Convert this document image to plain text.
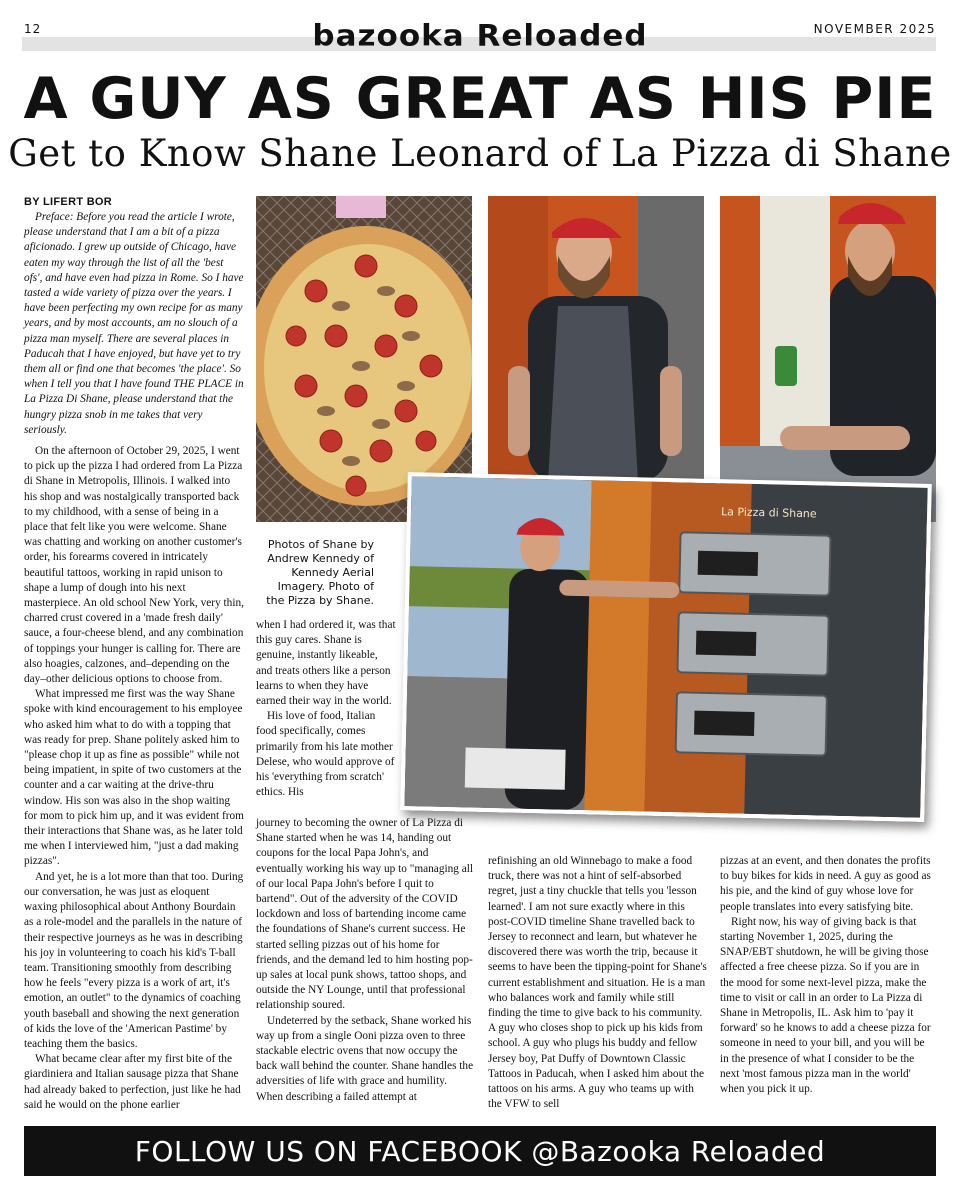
12	bazooka Reloaded	NOVEMBER 2025
A GUY AS GREAT AS HIS PIE
Get to Know Shane Leonard of La Pizza di Shane
BY LIFERT BOR
Preface: Before you read the article I wrote, please understand that I am a bit of a pizza aficionado. I grew up outside of Chicago, have eaten my way through the list of all the 'best ofs', and have even had pizza in Rome. So I have tasted a wide variety of pizza over the years. I have been perfecting my own recipe for as many years, and by most accounts, am no slouch of a pizza man myself. There are several places in Paducah that I have enjoyed, but have yet to try them all or find one that becomes 'the place'. So when I tell you that I have found THE PLACE in La Pizza Di Shane, please understand that the hungry pizza snob in me takes that very seriously.

On the afternoon of October 29, 2025, I went to pick up the pizza I had ordered from La Pizza di Shane in Metropolis, Illinois. I walked into his shop and was nostalgically transported back to my childhood, with a sense of being in a place that felt like you were welcome. Shane was chatting and working on another customer's order, his forearms covered in intricately beautiful tattoos, working in rapid unison to shape a lump of dough into his next masterpiece. An old school New York, very thin, charred crust covered in a 'made fresh daily' sauce, a four-cheese blend, and any combination of toppings your hunger is calling for. There are also hoagies, calzones, and–depending on the day–other delicious options to choose from.

What impressed me first was the way Shane spoke with kind encouragement to his employee who asked him what to do with a topping that was ready for prep. Shane politely asked him to "please chop it up as fine as possible" while not being impatient, in spite of two customers at the counter and a car waiting at the drive-thru window. His son was also in the shop waiting for mom to pick him up, and it was evident from their interactions that Shane was, as he later told me when I interviewed him, "just a dad making pizzas".

And yet, he is a lot more than that too. During our conversation, he was just as eloquent waxing philosophical about Anthony Bourdain as a role-model and the parallels in the nature of their respective journeys as he was in describing his joy in volunteering to coach his kid's T-ball team. Transitioning smoothly from describing how he feels "every pizza is a work of art, it's emotion, an outlet" to the dynamics of coaching youth baseball and showing the next generation of kids the love of the 'American Pastime' by teaching them the basics.

What became clear after my first bite of the giardiniera and Italian sausage pizza that Shane had already baked to perfection, just like he had said he would on the phone earlier

La Pizza di Shane
Photos of Shane by Andrew Kennedy of Kennedy Aerial Imagery. Photo of the Pizza by Shane.

when I had ordered it, was that this guy cares. Shane is genuine, instantly likeable, and treats others like a person learns to when they have earned their way in the world.

His love of food, Italian food specifically, comes primarily from his late mother Delese, who would approve of his 'everything from scratch' ethics. His

journey to becoming the owner of La Pizza di Shane started when he was 14, handing out coupons for the local Papa John's, and eventually working his way up to "managing all of our local Papa John's before I quit to bartend". Out of the adversity of the COVID lockdown and loss of bartending income came the foundations of Shane's current success. He started selling pizzas out of his home for friends, and the demand led to him hosting pop-up sales at local punk shows, tattoo shops, and outside the NY Lounge, until that professional relationship soured.

Undeterred by the setback, Shane worked his way up from a single Ooni pizza oven to three stackable electric ovens that now occupy the back wall behind the counter. Shane handles the adversities of life with grace and humility. When describing a failed attempt at

refinishing an old Winnebago to make a food truck, there was not a hint of self-absorbed regret, just a tiny chuckle that tells you 'lesson learned'. I am not sure exactly where in this post-COVID timeline Shane travelled back to Jersey to reconnect and learn, but whatever he discovered there was worth the trip, because it seems to have been the tipping-point for Shane's current establishment and situation. He is a man who balances work and family while still finding the time to give back to his community. A guy who closes shop to pick up his kids from school. A guy who plugs his buddy and fellow Jersey boy, Pat Duffy of Downtown Classic Tattoos in Paducah, when I asked him about the tattoos on his arms. A guy who teams up with the VFW to sell

pizzas at an event, and then donates the profits to buy bikes for kids in need. A guy as good as his pie, and the kind of guy whose love for people translates into every satisfying bite.

Right now, his way of giving back is that starting November 1, 2025, during the SNAP/EBT shutdown, he will be giving those affected a free cheese pizza. So if you are in the mood for some next-level pizza, make the time to visit or call in an order to La Pizza di Shane in Metropolis, IL. Ask him to 'pay it forward' so he knows to add a cheese pizza for someone in need to your bill, and you will be in the presence of what I consider to be the next 'most famous pizza man in the world' when you pick it up.

FOLLOW US ON FACEBOOK @Bazooka Reloaded
